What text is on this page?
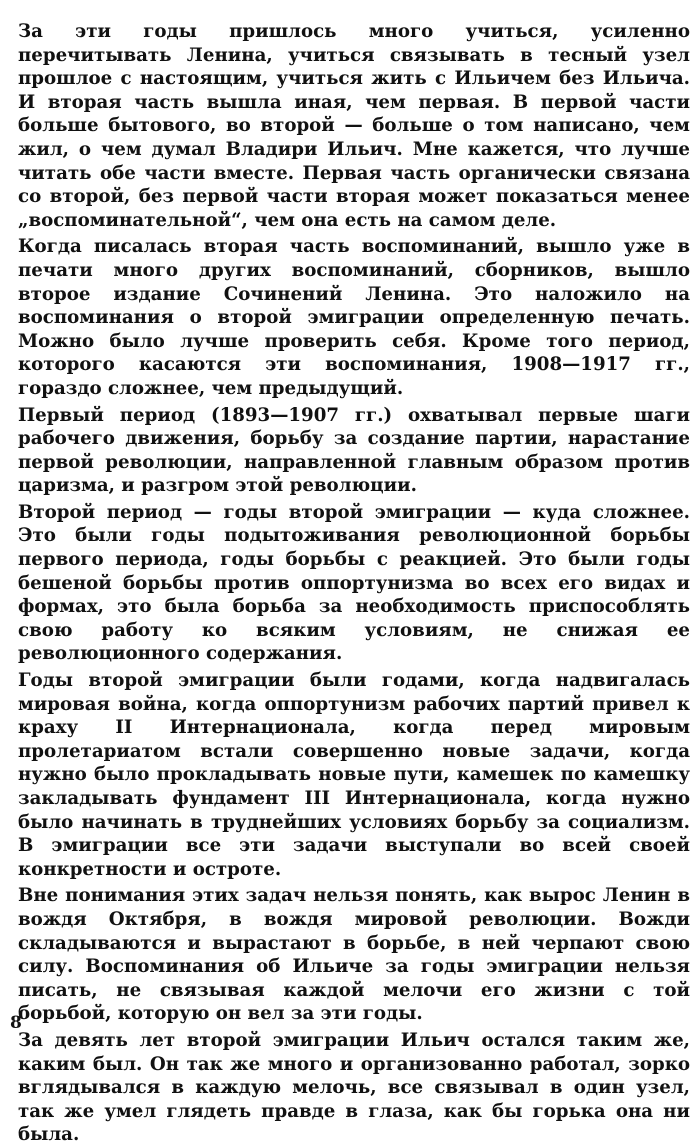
За эти годы пришлось много учиться, усиленно перечитывать Ленина, учиться связывать в тесный узел прошлое с настоящим, учиться жить с Ильичем без Ильича. И вторая часть вышла иная, чем первая. В первой части больше бытового, во второй — больше о том написано, чем жил, о чем думал Владири Ильич. Мне кажется, что лучше читать обе части вместе. Первая часть органически связана со второй, без первой части вторая может показаться менее „воспоминательной“, чем она есть на самом деле.

Когда писалась вторая часть воспоминаний, вышло уже в печати много других воспоминаний, сборников, вышло второе издание Сочинений Ленина. Это наложило на воспоминания о второй эмиграции определенную печать. Можно было лучше проверить себя. Кроме того период, которого касаются эти воспоминания, 1908—1917 гг., гораздо сложнее, чем предыдущий.

Первый период (1893—1907 гг.) охватывал первые шаги рабочего движения, борьбу за создание партии, нарастание первой революции, направленной главным образом против царизма, и разгром этой революции.

Второй период — годы второй эмиграции — куда сложнее. Это были годы подытоживания революционной борьбы первого периода, годы борьбы с реакцией. Это были годы бешеной борьбы против оппортунизма во всех его видах и формах, это была борьба за необходимость приспособлять свою работу ко всяким условиям, не снижая ее революционного содержания.

Годы второй эмиграции были годами, когда надвигалась мировая война, когда оппортунизм рабочих партий привел к краху II Интернационала, когда перед мировым пролетариатом встали совершенно новые задачи, когда нужно было прокладывать новые пути, камешек по камешку закладывать фундамент III Интернационала, когда нужно было начинать в труднейших условиях борьбу за социализм. В эмиграции все эти задачи выступали во всей своей конкретности и остроте.

Вне понимания этих задач нельзя понять, как вырос Ленин в вождя Октября, в вождя мировой революции. Вожди складываются и вырастают в борьбе, в ней черпают свою силу. Воспоминания об Ильиче за годы эмиграции нельзя писать, не связывая каждой мелочи его жизни с той борьбой, которую он вел за эти годы.

За девять лет второй эмиграции Ильич остался таким же, каким был. Он так же много и организованно работал, зорко вглядывался в каждую мелочь, все связывал в один узел, так же умел глядеть правде в глаза, как бы горька она ни была.

8
